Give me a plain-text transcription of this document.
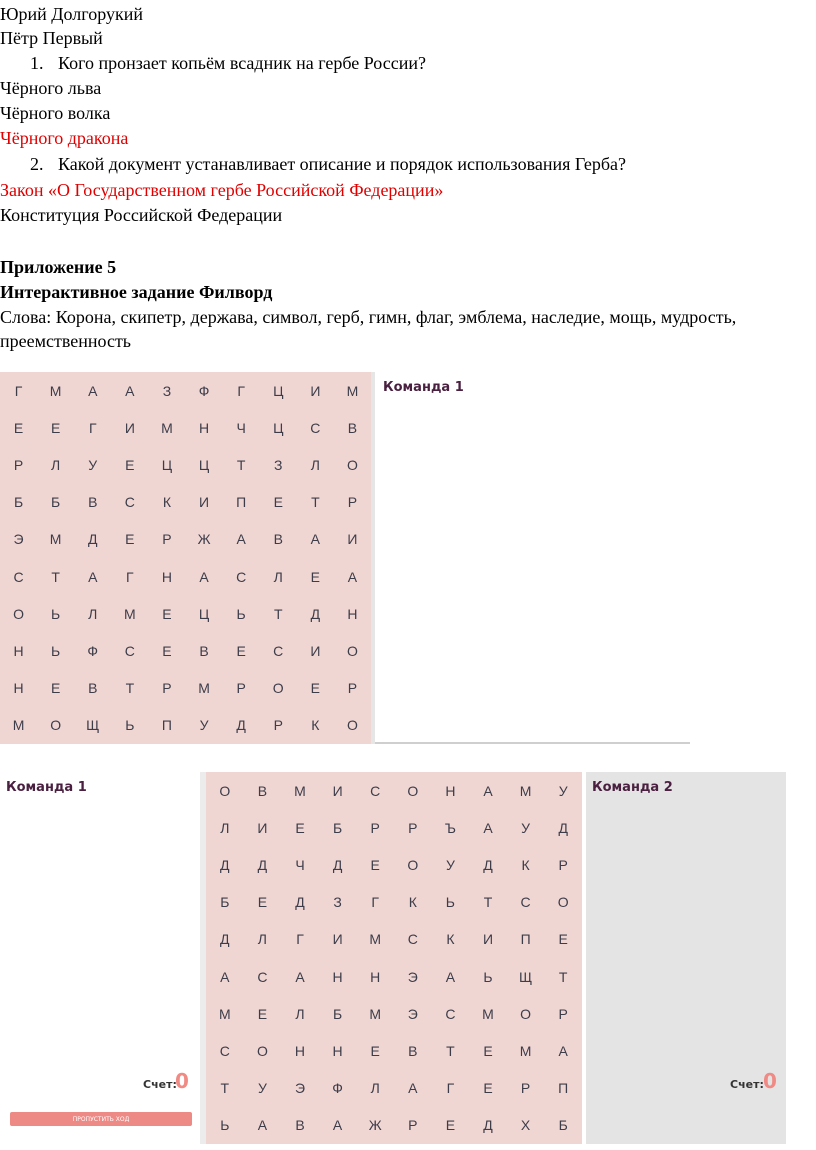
Юрий Долгорукий
Пётр Первый
1. Кого пронзает копьём всадник на гербе России?
Чёрного льва
Чёрного волка
Чёрного дракона
2. Какой документ устанавливает описание и порядок использования Герба?
Закон «О Государственном гербе Российской Федерации»
Конституция Российской Федерации
Приложение 5
Интерактивное задание Филворд
Слова: Корона, скипетр, держава, символ, герб, гимн, флаг, эмблема, наследие, мощь, мудрость, преемственность
Г	М	А	А	З	Ф	Г	Ц	И	М
Е	Е	Г	И	М	Н	Ч	Ц	С	В
Р	Л	У	Е	Ц	Ц	Т	З	Л	О
Б	Б	В	С	К	И	П	Е	Т	Р
Э	М	Д	Е	Р	Ж	А	В	А	И
С	Т	А	Г	Н	А	С	Л	Е	А
О	Ь	Л	М	Е	Ц	Ь	Т	Д	Н
Н	Ь	Ф	С	Е	В	Е	С	И	О
Н	Е	В	Т	Р	М	Р	О	Е	Р
М	О	Щ	Ь	П	У	Д	Р	К	О
Команда 1
Команда 1
Счет:
0
ПРОПУСТИТЬ ХОД
О	В	М	И	С	О	Н	А	М	У
Л	И	Е	Б	Р	Р	Ъ	А	У	Д
Д	Д	Ч	Д	Е	О	У	Д	К	Р
Б	Е	Д	З	Г	К	Ь	Т	С	О
Д	Л	Г	И	М	С	К	И	П	Е
А	С	А	Н	Н	Э	А	Ь	Щ	Т
М	Е	Л	Б	М	Э	С	М	О	Р
С	О	Н	Н	Е	В	Т	Е	М	А
Т	У	Э	Ф	Л	А	Г	Е	Р	П
Ь	А	В	А	Ж	Р	Е	Д	Х	Б
Команда 2
Счет: 0
